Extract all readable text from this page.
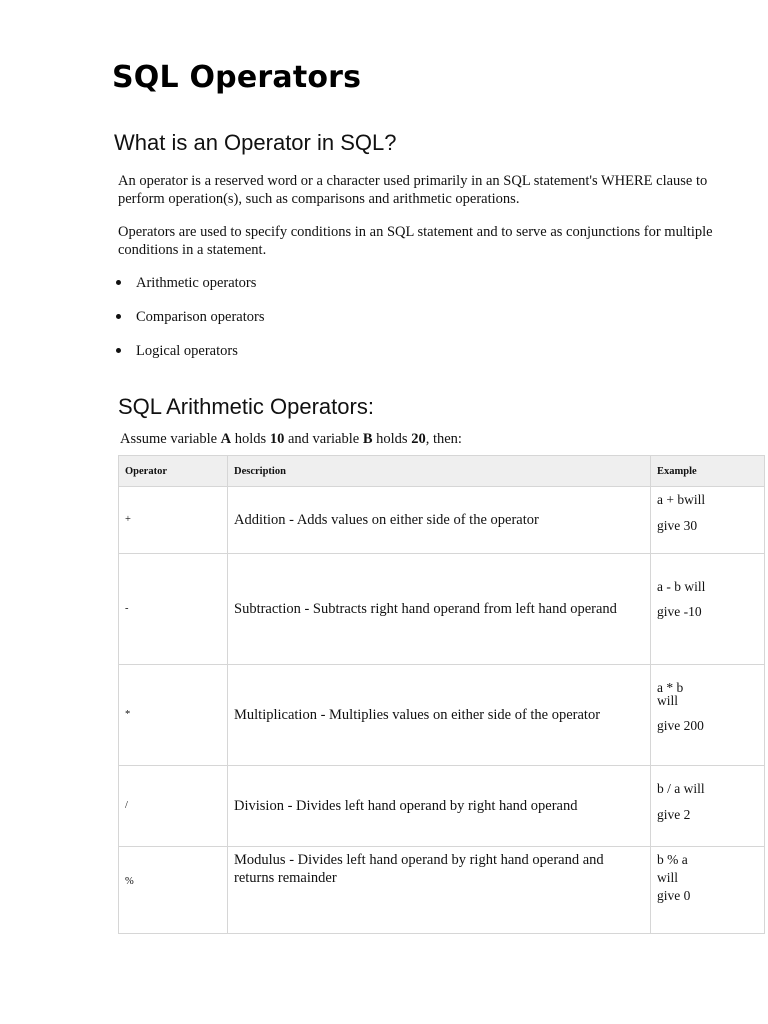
SQL Operators
What is an Operator in SQL?

An operator is a reserved word or a character used primarily in an SQL statement's WHERE clause to perform operation(s), such as comparisons and arithmetic operations.

Operators are used to specify conditions in an SQL statement and to serve as conjunctions for multiple conditions in a statement.

Arithmetic operators
Comparison operators
Logical operators
SQL Arithmetic Operators:

Assume variable A holds 10 and variable B holds 20, then:

Operator	Description	Example
+	Addition - Adds values on either side of the operator	a + bwill
give 30

-	Subtraction - Subtracts right hand operand from left hand operand	a - b will
give -10

*	Multiplication - Multiplies values on either side of the operator	a * b
will
give 200

/	Division - Divides left hand operand by right hand operand	b / a will
give 2

%	Modulus - Divides left hand operand by right hand operand and returns remainder	b % a
will
give 0
